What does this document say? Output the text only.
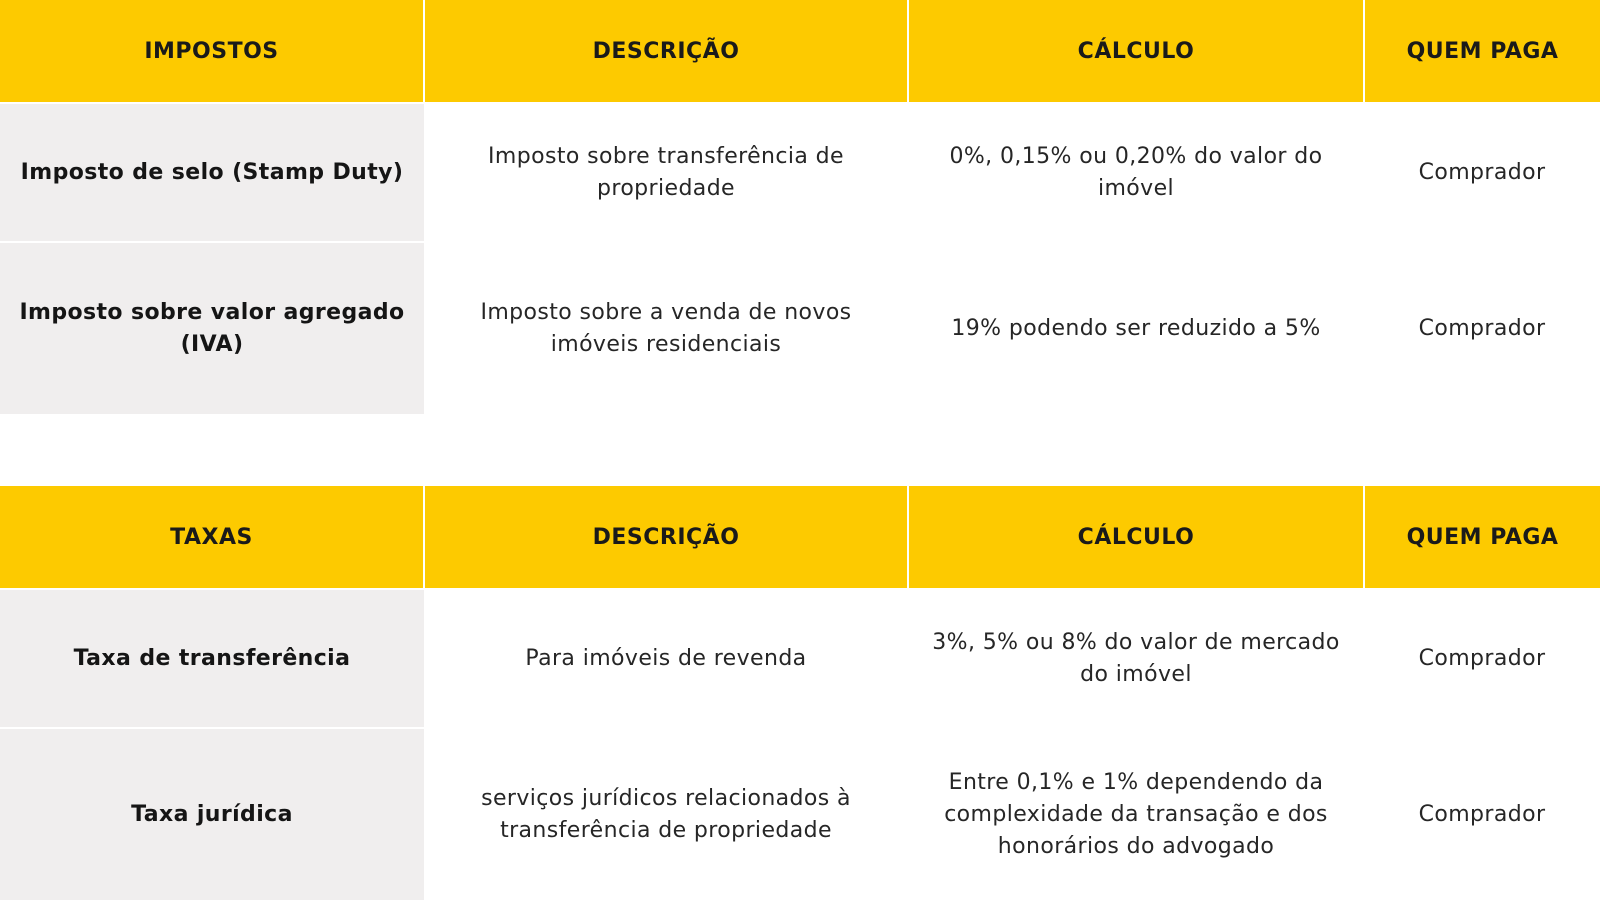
IMPOSTOS	DESCRIÇÃO	CÁLCULO	QUEM PAGA
Imposto de selo (Stamp Duty)	Imposto sobre transferência de propriedade	0%, 0,15% ou 0,20% do valor do imóvel	Comprador
Imposto sobre valor agregado (IVA)	Imposto sobre a venda de novos imóveis residenciais	19% podendo ser reduzido a 5%	Comprador
TAXAS	DESCRIÇÃO	CÁLCULO	QUEM PAGA
Taxa de transferência	Para imóveis de revenda	3%, 5% ou 8% do valor de mercado do imóvel	Comprador
Taxa jurídica	serviços jurídicos relacionados à transferência de propriedade	Entre 0,1% e 1% dependendo da complexidade da transação e dos honorários do advogado	Comprador
